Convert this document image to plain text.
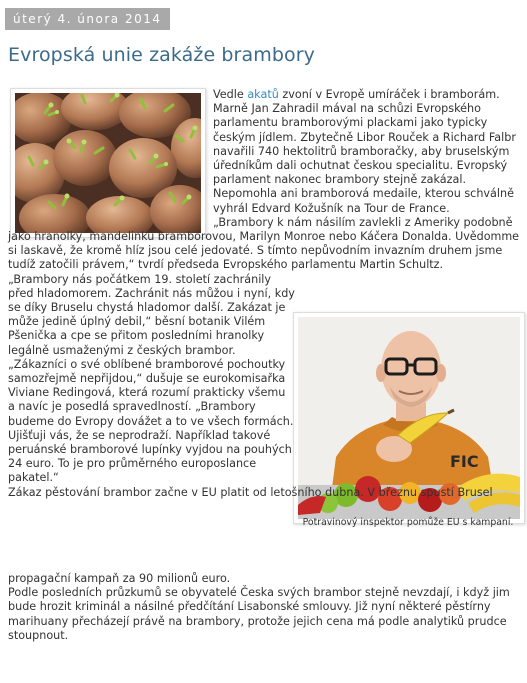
úterý 4. února 2014
Evropská unie zakáže brambory
FIC
Potravinový inspektor pomůže EU s kampaní.

Vedle akatů zvoní v Evropě umíráček i bramborám.

Marně Jan Zahradil mával na schůzi Evropského

parlamentu bramborovými plackami jako typicky

českým jídlem. Zbytečně Libor Rouček a Richard Falbr

navařili 740 hektolitrů bramboračky, aby bruselským

úředníkům dali ochutnat českou specialitu. Evropský

parlament nakonec brambory stejně zakázal.

Nepomohla ani bramborová medaile, kterou schválně

vyhrál Edvard Kožušník na Tour de France.

„Brambory k nám násilím zavlekli z Ameriky podobně

jako hranolky, mandelinku bramborovou, Marilyn Monroe nebo Káčera Donalda. Uvědomme

si laskavě, že kromě hlíz jsou celé jedovaté. S tímto nepůvodním invazním druhem jsme

tudíž zatočili právem,“ tvrdí předseda Evropského parlamentu Martin Schultz.

„Brambory nás počátkem 19. století zachránily

před hladomorem. Zachránit nás můžou i nyní, kdy

se díky Bruselu chystá hladomor další. Zakázat je

může jedině úplný debil,“ běsní botanik Vilém

Pšenička a cpe se přitom posledními hranolky

legálně usmaženými z českých brambor.

„Zákazníci o své oblíbené bramborové pochoutky

samozřejmě nepřijdou,“ dušuje se eurokomisařka

Viviane Redingová, která rozumí prakticky všemu

a navíc je posedlá spravedlností. „Brambory

budeme do Evropy dovážet a to ve všech formách.

Ujišťuji vás, že se neprodraží. Například takové

peruánské bramborové lupínky vyjdou na pouhých

24 euro. To je pro průměrného europoslance

pakatel.“

Zákaz pěstování brambor začne v EU platit od letošního dubna. V březnu spustí Brusel

propagační kampaň za 90 milionů euro.

Podle posledních průzkumů se obyvatelé Česka svých brambor stejně nevzdají, i když jim

bude hrozit kriminál a násilné předčítání Lisabonské smlouvy. Již nyní některé pěstírny

marihuany přecházejí právě na brambory, protože jejich cena má podle analytiků prudce

stoupnout.
